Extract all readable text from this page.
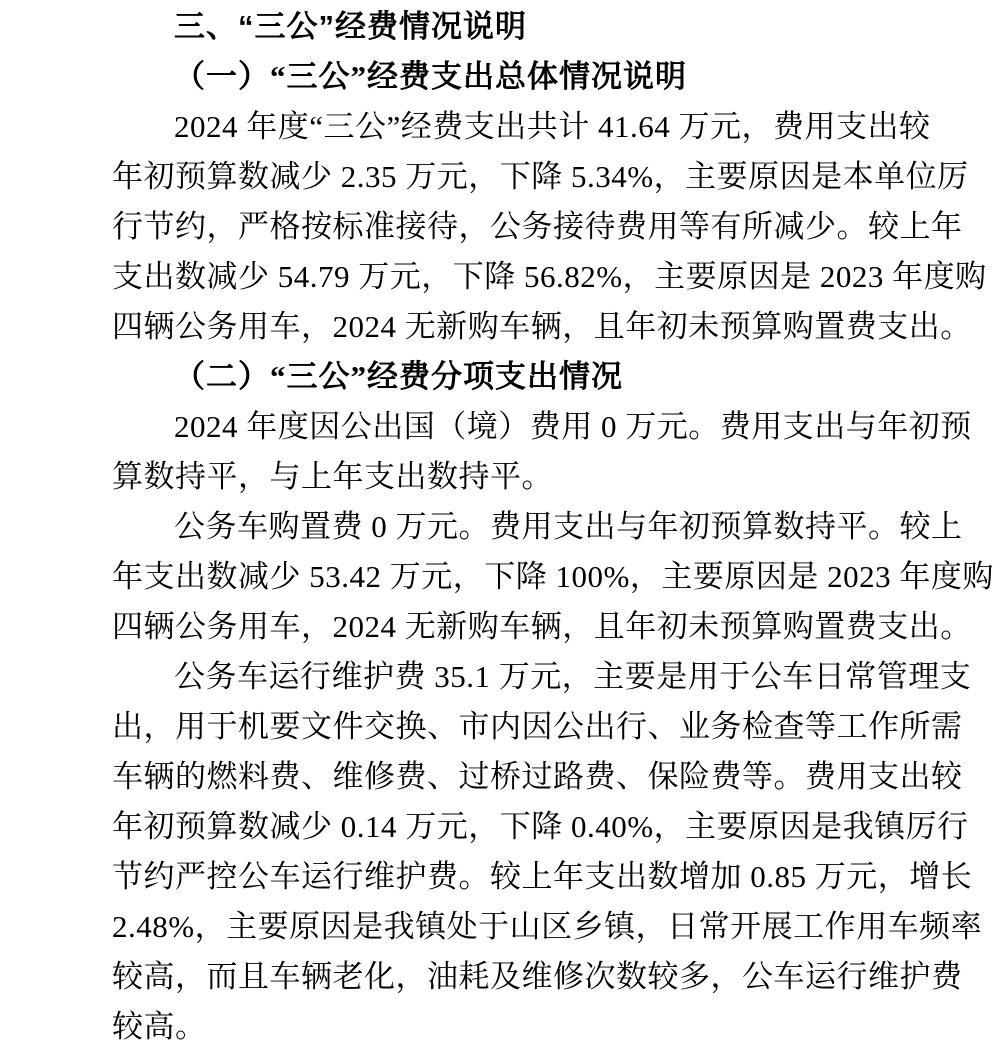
三、“三公”经费情况说明
（一）“三公”经费支出总体情况说明
2024 年度“三公”经费支出共计 41.64 万元，费用支出较
年初预算数减少 2.35 万元，下降 5.34%，主要原因是本单位厉
行节约，严格按标准接待，公务接待费用等有所减少。较上年
支出数减少 54.79 万元，下降 56.82%，主要原因是 2023 年度购
四辆公务用车，2024 无新购车辆，且年初未预算购置费支出。
（二）“三公”经费分项支出情况
2024 年度因公出国（境）费用 0 万元。费用支出与年初预
算数持平，与上年支出数持平。
公务车购置费 0 万元。费用支出与年初预算数持平。较上
年支出数减少 53.42 万元，下降 100%，主要原因是 2023 年度购
四辆公务用车，2024 无新购车辆，且年初未预算购置费支出。
公务车运行维护费 35.1 万元，主要是用于公车日常管理支
出，用于机要文件交换、市内因公出行、业务检查等工作所需
车辆的燃料费、维修费、过桥过路费、保险费等。费用支出较
年初预算数减少 0.14 万元，下降 0.40%，主要原因是我镇厉行
节约严控公车运行维护费。较上年支出数增加 0.85 万元，增长
2.48%，主要原因是我镇处于山区乡镇，日常开展工作用车频率
较高，而且车辆老化，油耗及维修次数较多，公车运行维护费
较高。
